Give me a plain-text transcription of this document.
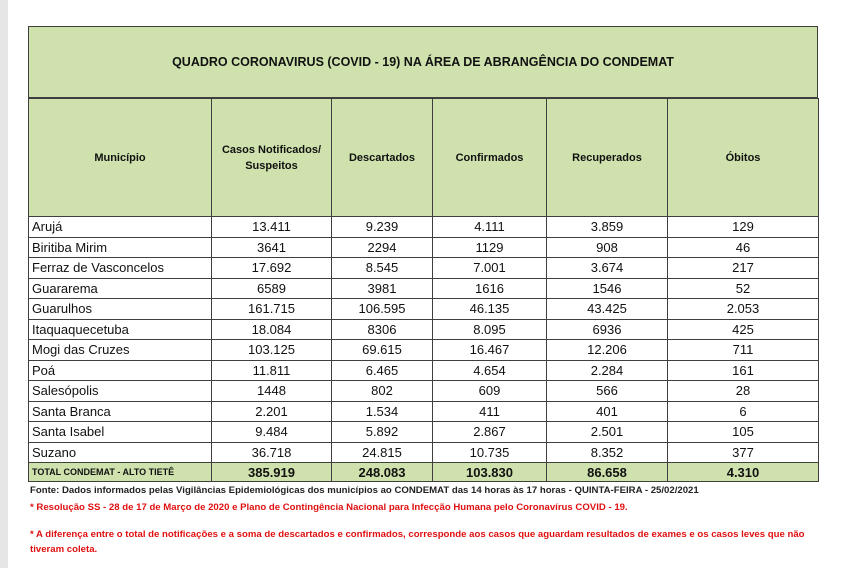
QUADRO CORONAVIRUS (COVID - 19) NA ÁREA DE ABRANGÊNCIA DO CONDEMAT
Município	Casos Notificados/ Suspeitos	Descartados	Confirmados	Recuperados	Óbitos
Arujá	13.411	9.239	4.111	3.859	129
Biritiba Mirim	3641	2294	1129	908	46
Ferraz de Vasconcelos	17.692	8.545	7.001	3.674	217
Guararema	6589	3981	1616	1546	52
Guarulhos	161.715	106.595	46.135	43.425	2.053
Itaquaquecetuba	18.084	8306	8.095	6936	425
Mogi das Cruzes	103.125	69.615	16.467	12.206	711
Poá	11.811	6.465	4.654	2.284	161
Salesópolis	1448	802	609	566	28
Santa Branca	2.201	1.534	411	401	6
Santa Isabel	9.484	5.892	2.867	2.501	105
Suzano	36.718	24.815	10.735	8.352	377
TOTAL CONDEMAT - ALTO TIETÊ	385.919	248.083	103.830	86.658	4.310
Fonte: Dados informados pelas Vigilâncias Epidemiológicas dos municípios ao CONDEMAT das 14 horas às 17 horas - QUINTA-FEIRA - 25/02/2021
* Resolução SS - 28 de 17 de Março de 2020 e Plano de Contingência Nacional para Infecção Humana pelo Coronavírus COVID - 19.
* A diferença entre o total de notificações e a soma de descartados e confirmados, corresponde aos casos que aguardam resultados de exames e os casos leves que não tiveram coleta.
